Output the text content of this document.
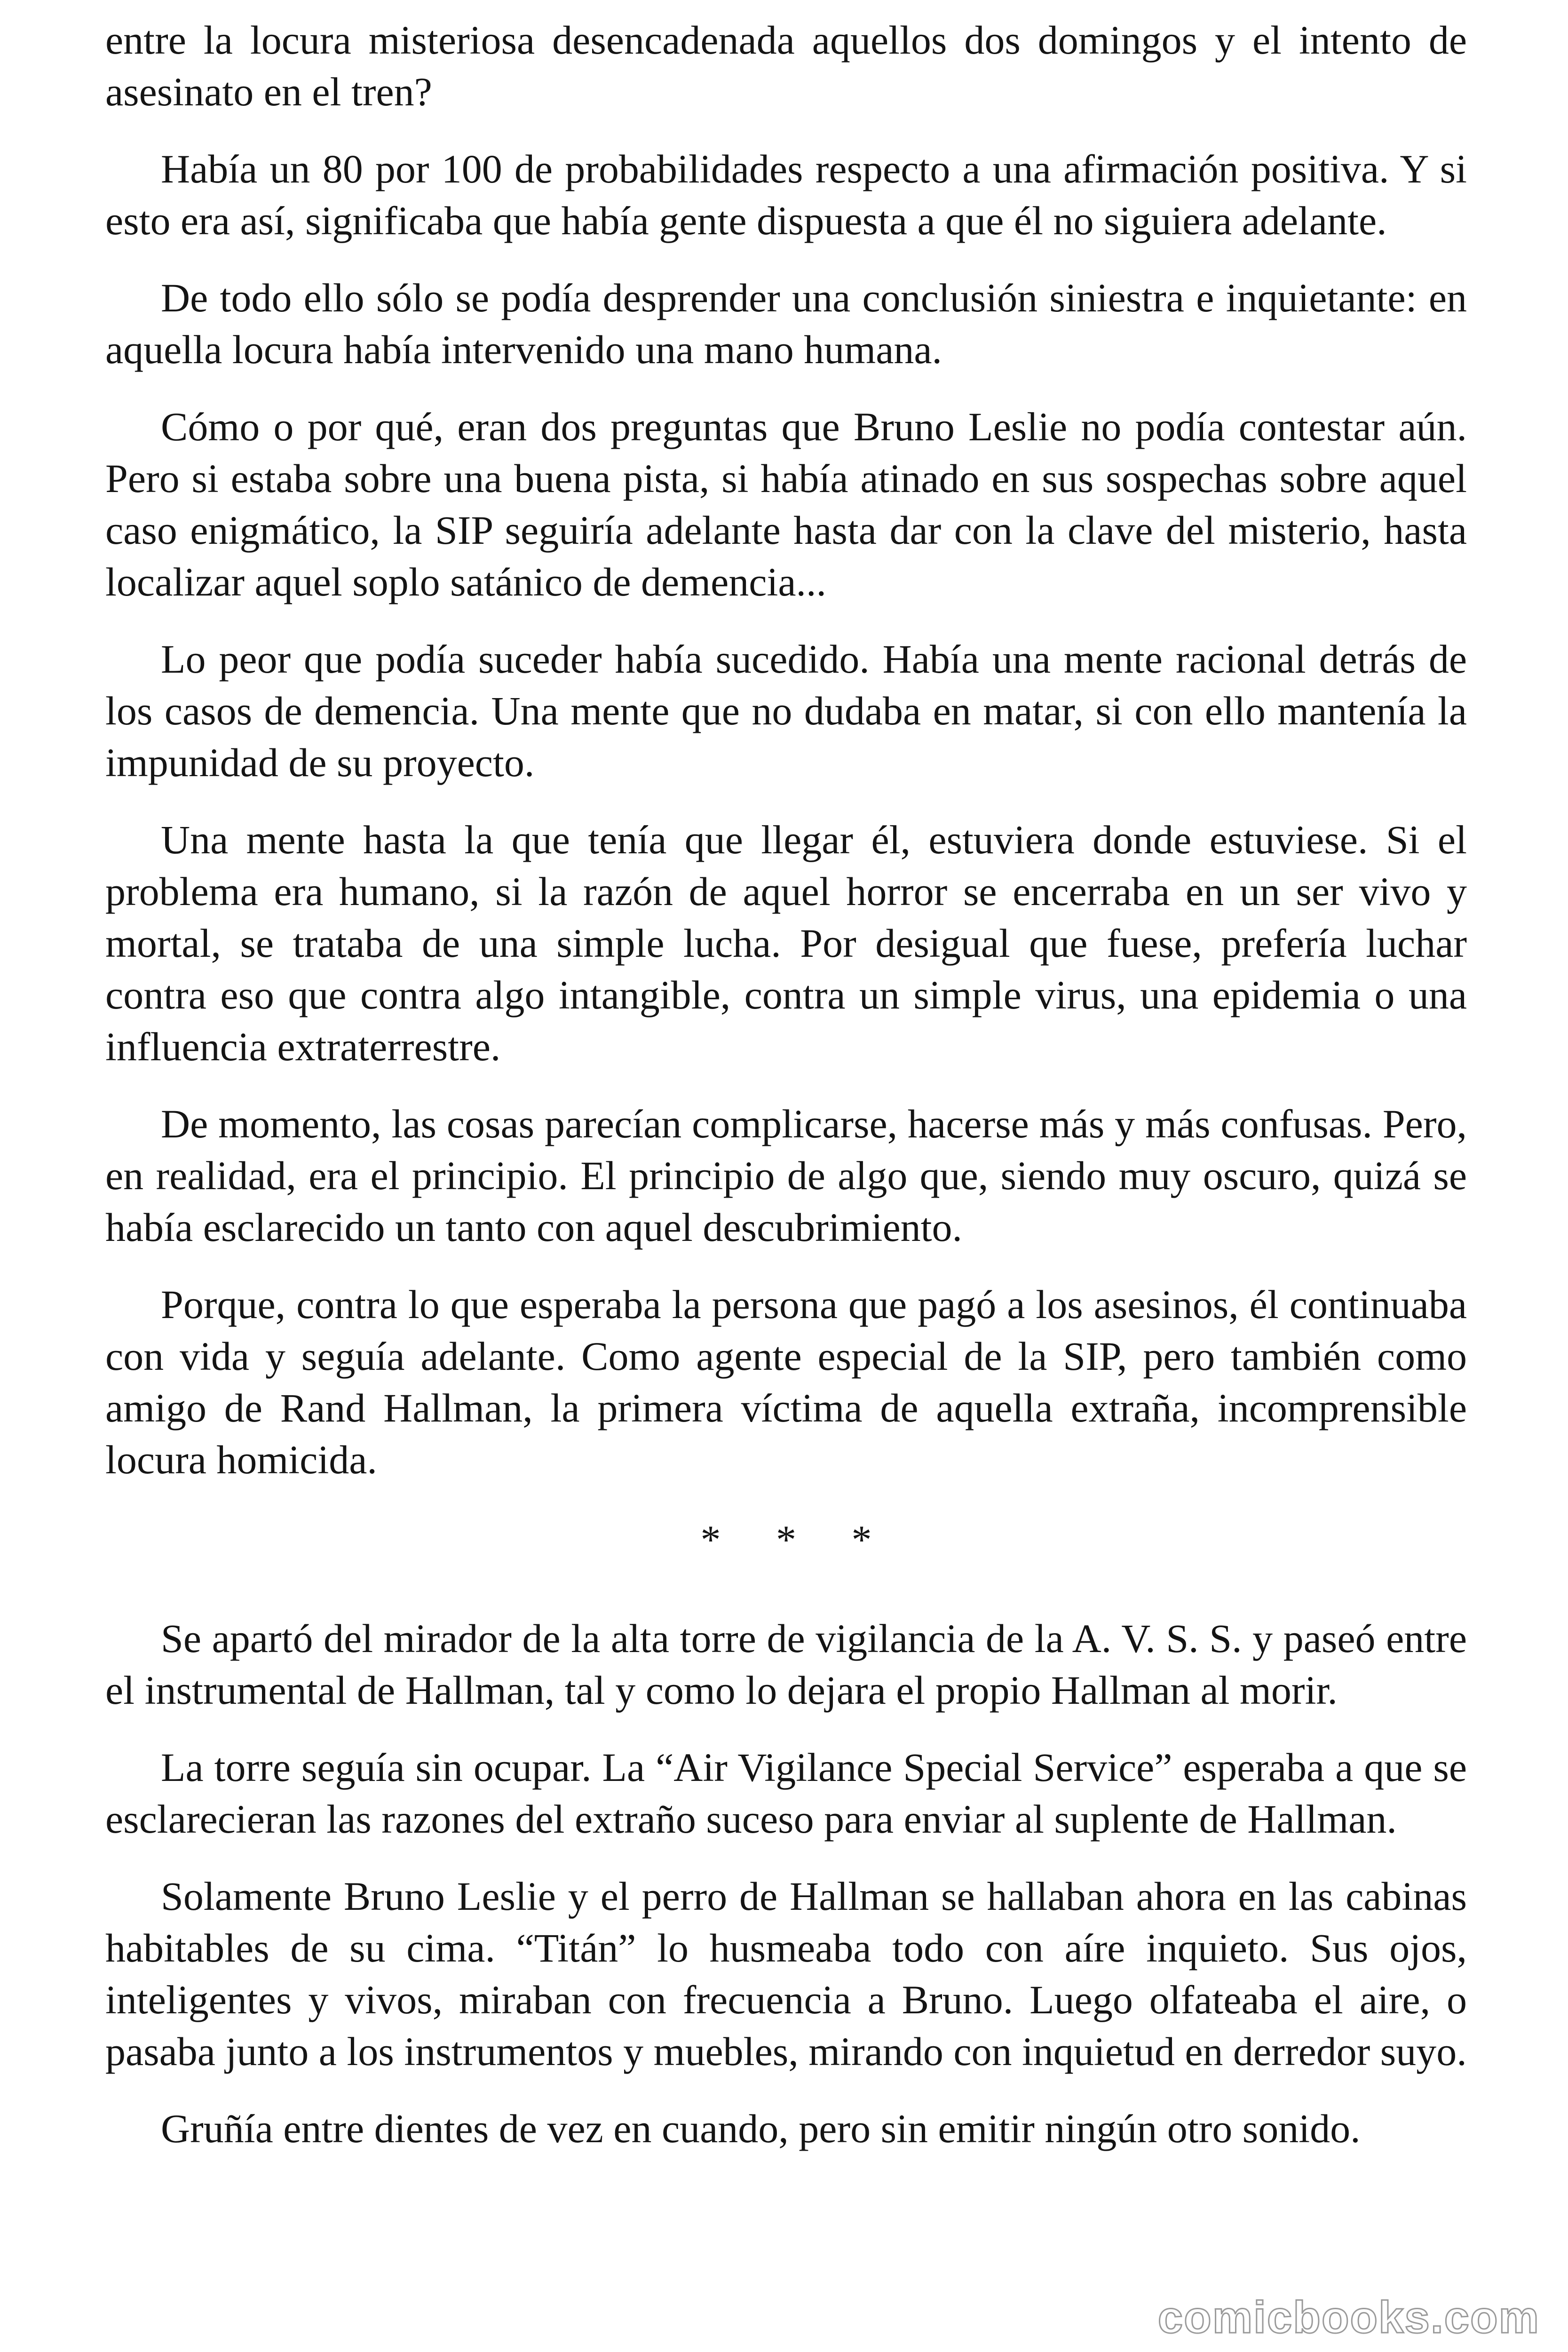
entre la locura misteriosa desencadenada aquellos dos domingos y el intento de asesinato en el tren?

Había un 80 por 100 de probabilidades respecto a una afirmación positiva. Y si esto era así, significaba que había gente dispuesta a que él no siguiera adelante.

De todo ello sólo se podía desprender una conclusión siniestra e inquietante: en aquella locura había intervenido una mano humana.

Cómo o por qué, eran dos preguntas que Bruno Leslie no podía contestar aún. Pero si estaba sobre una buena pista, si había atinado en sus sospechas sobre aquel caso enigmático, la SIP seguiría adelante hasta dar con la clave del misterio, hasta localizar aquel soplo satánico de demencia...

Lo peor que podía suceder había sucedido. Había una mente racional detrás de los casos de demencia. Una mente que no dudaba en matar, si con ello mantenía la impunidad de su proyecto.

Una mente hasta la que tenía que llegar él, estuviera donde estuviese. Si el problema era humano, si la razón de aquel horror se encerraba en un ser vivo y mortal, se trataba de una simple lucha. Por desigual que fuese, prefería luchar contra eso que contra algo intangible, contra un simple virus, una epidemia o una influencia extraterrestre.

De momento, las cosas parecían complicarse, hacerse más y más confusas. Pero, en realidad, era el principio. El principio de algo que, siendo muy oscuro, quizá se había esclarecido un tanto con aquel descubrimiento.

Porque, contra lo que esperaba la persona que pagó a los asesinos, él continuaba con vida y seguía adelante. Como agente especial de la SIP, pero también como amigo de Rand Hallman, la primera víctima de aquella extraña, incomprensible locura homicida.

* * *

Se apartó del mirador de la alta torre de vigilancia de la A. V. S. S. y paseó entre el instrumental de Hallman, tal y como lo dejara el propio Hallman al morir.

La torre seguía sin ocupar. La “Air Vigilance Special Service” esperaba a que se esclarecieran las razones del extraño suceso para enviar al suplente de Hallman.

Solamente Bruno Leslie y el perro de Hallman se hallaban ahora en las cabinas habitables de su cima. “Titán” lo husmeaba todo con aíre inquieto. Sus ojos, inteligentes y vivos, miraban con frecuencia a Bruno. Luego olfateaba el aire, o pasaba junto a los instrumentos y muebles, mirando con inquietud en derredor suyo.

Gruñía entre dientes de vez en cuando, pero sin emitir ningún otro sonido.

comicbooks.com
